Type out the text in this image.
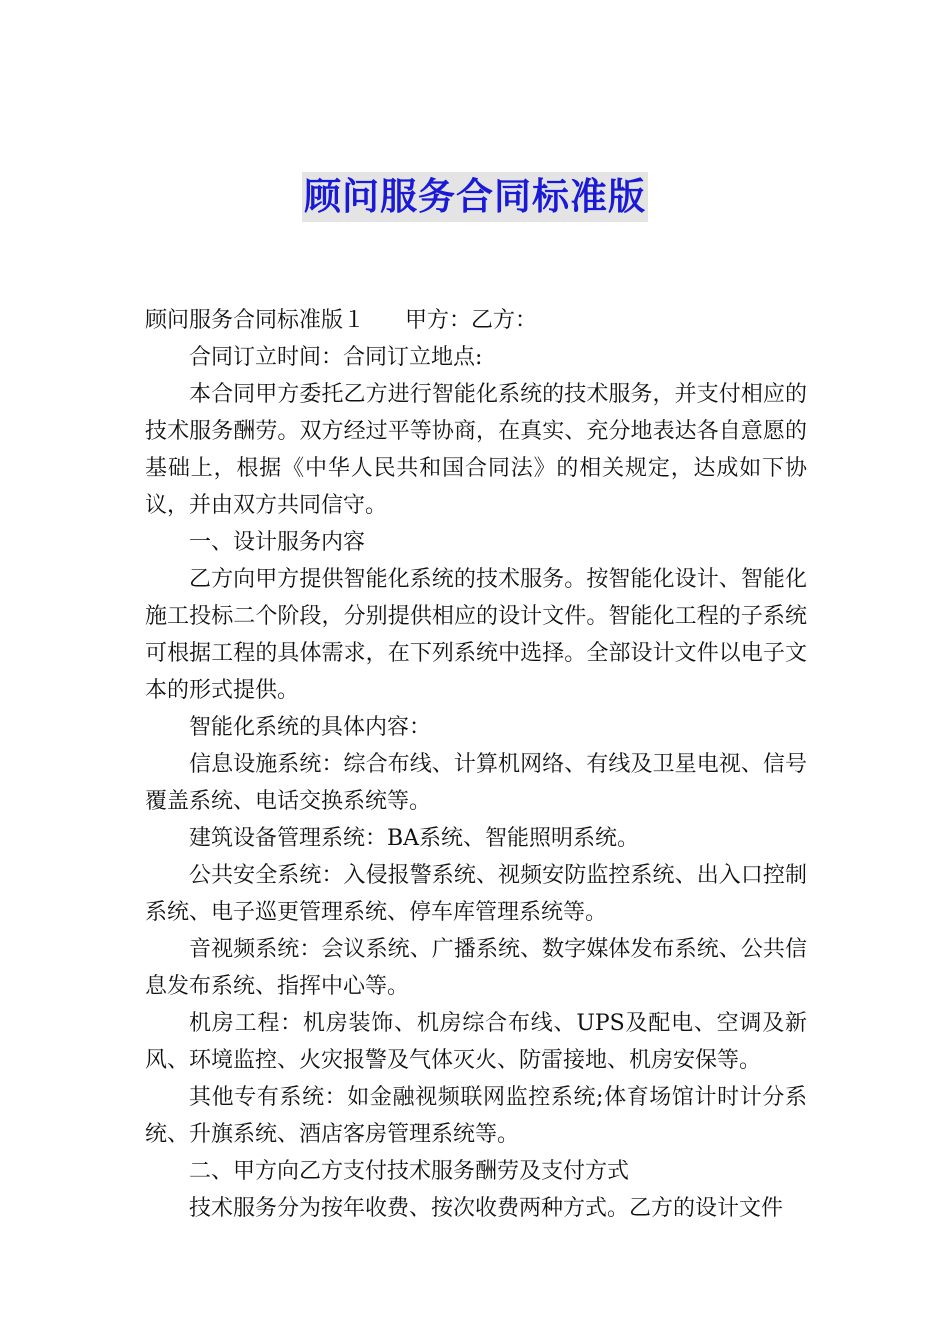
顾问服务合同标准版

顾问服务合同标准版１ 甲方：乙方：

合同订立时间：合同订立地点:

本合同甲方委托乙方进行智能化系统的技术服务，并支付相应的技术服务酬劳。双方经过平等协商，在真实、充分地表达各自意愿的基础上，根据《中华人民共和国合同法》的相关规定，达成如下协议，并由双方共同信守。

一、设计服务内容

乙方向甲方提供智能化系统的技术服务。按智能化设计、智能化施工投标二个阶段，分别提供相应的设计文件。智能化工程的子系统可根据工程的具体需求，在下列系统中选择。全部设计文件以电子文本的形式提供。

智能化系统的具体内容：

信息设施系统：综合布线、计算机网络、有线及卫星电视、信号覆盖系统、电话交换系统等。

建筑设备管理系统：BA系统、智能照明系统。

公共安全系统：入侵报警系统、视频安防监控系统、出入口控制系统、电子巡更管理系统、停车库管理系统等。

音视频系统：会议系统、广播系统、数字媒体发布系统、公共信息发布系统、指挥中心等。

机房工程：机房装饰、机房综合布线、UPS及配电、空调及新风、环境监控、火灾报警及气体灭火、防雷接地、机房安保等。

其他专有系统：如金融视频联网监控系统;体育场馆计时计分系统、升旗系统、酒店客房管理系统等。

二、甲方向乙方支付技术服务酬劳及支付方式

技术服务分为按年收费、按次收费两种方式。乙方的设计文件
